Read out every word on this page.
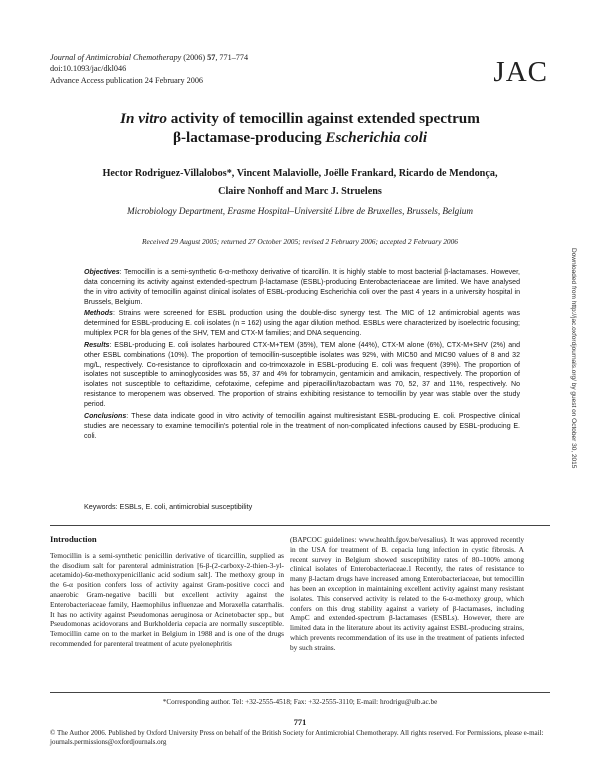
Journal of Antimicrobial Chemotherapy (2006) 57, 771–774
doi:10.1093/jac/dkl046
Advance Access publication 24 February 2006	JAC
In vitro activity of temocillin against extended spectrum
β-lactamase-producing Escherichia coli
Hector Rodriguez-Villalobos*, Vincent Malaviolle, Joëlle Frankard, Ricardo de Mendonça,
Claire Nonhoff and Marc J. Struelens
Microbiology Department, Erasme Hospital–Université Libre de Bruxelles, Brussels, Belgium
Received 29 August 2005; returned 27 October 2005; revised 2 February 2006; accepted 2 February 2006

Objectives: Temocillin is a semi-synthetic 6-α-methoxy derivative of ticarcillin. It is highly stable to most bacterial β-lactamases. However, data concerning its activity against extended-spectrum β-lactamase (ESBL)-producing Enterobacteriaceae are limited. We have analysed the in vitro activity of temocillin against clinical isolates of ESBL-producing Escherichia coli over the past 4 years in a university hospital in Brussels, Belgium.

Methods: Strains were screened for ESBL production using the double-disc synergy test. The MIC of 12 antimicrobial agents was determined for ESBL-producing E. coli isolates (n = 162) using the agar dilution method. ESBLs were characterized by isoelectric focusing; multiplex PCR for bla genes of the SHV, TEM and CTX-M families; and DNA sequencing.

Results: ESBL-producing E. coli isolates harboured CTX-M+TEM (35%), TEM alone (44%), CTX-M alone (6%), CTX-M+SHV (2%) and other ESBL combinations (10%). The proportion of temocillin-susceptible isolates was 92%, with MIC50 and MIC90 values of 8 and 32 mg/L, respectively. Co-resistance to ciprofloxacin and co-trimoxazole in ESBL-producing E. coli was frequent (39%). The proportion of isolates not susceptible to aminoglycosides was 55, 37 and 4% for tobramycin, gentamicin and amikacin, respectively. The proportion of isolates not susceptible to ceftazidime, cefotaxime, cefepime and piperacillin/tazobactam was 70, 52, 37 and 11%, respectively. No resistance to meropenem was observed. The proportion of strains exhibiting resistance to temocillin by year was stable over the study period.

Conclusions: These data indicate good in vitro activity of temocillin against multiresistant ESBL-producing E. coli. Prospective clinical studies are necessary to examine temocillin's potential role in the treatment of non-complicated infections caused by ESBL-producing E. coli.

Keywords: ESBLs, E. coli, antimicrobial susceptibility
Downloaded from http://jac.oxfordjournals.org/ by guest on October 30, 2015
Introduction

Temocillin is a semi-synthetic penicillin derivative of ticarcillin, supplied as the disodium salt for parenteral administration [6-β-(2-carboxy-2-thien-3-yl-acetamido)-6α-methoxypenicillanic acid sodium salt]. The methoxy group in the 6-α position confers loss of activity against Gram-positive cocci and anaerobic Gram-negative bacilli but excellent activity against the Enterobacteriaceae family, Haemophilus influenzae and Moraxella catarrhalis. It has no activity against Pseudomonas aeruginosa or Acinetobacter spp., but Pseudomonas acidovorans and Burkholderia cepacia are normally susceptible. Temocillin came on to the market in Belgium in 1988 and is one of the drugs recommended for parenteral treatment of acute pyelonephritis

(BAPCOC guidelines: www.health.fgov.be/vesalius). It was approved recently in the USA for treatment of B. cepacia lung infection in cystic fibrosis. A recent survey in Belgium showed susceptibility rates of 80–100% among clinical isolates of Enterobacteriaceae.1 Recently, the rates of resistance to many β-lactam drugs have increased among Enterobacteriaceae, but temocillin has been an exception in maintaining excellent activity against many resistant isolates. This conserved activity is related to the 6-α-methoxy group, which confers on this drug stability against a variety of β-lactamases, including AmpC and extended-spectrum β-lactamases (ESBLs). However, there are limited data in the literature about its activity against ESBL-producing strains, which prevents recommendation of its use in the treatment of patients infected by such strains.

*Corresponding author. Tel: +32-2555-4518; Fax: +32-2555-3110; E-mail: hrodrigu@ulb.ac.be
771
© The Author 2006. Published by Oxford University Press on behalf of the British Society for Antimicrobial Chemotherapy. All rights reserved. For Permissions, please e-mail: journals.permissions@oxfordjournals.org
